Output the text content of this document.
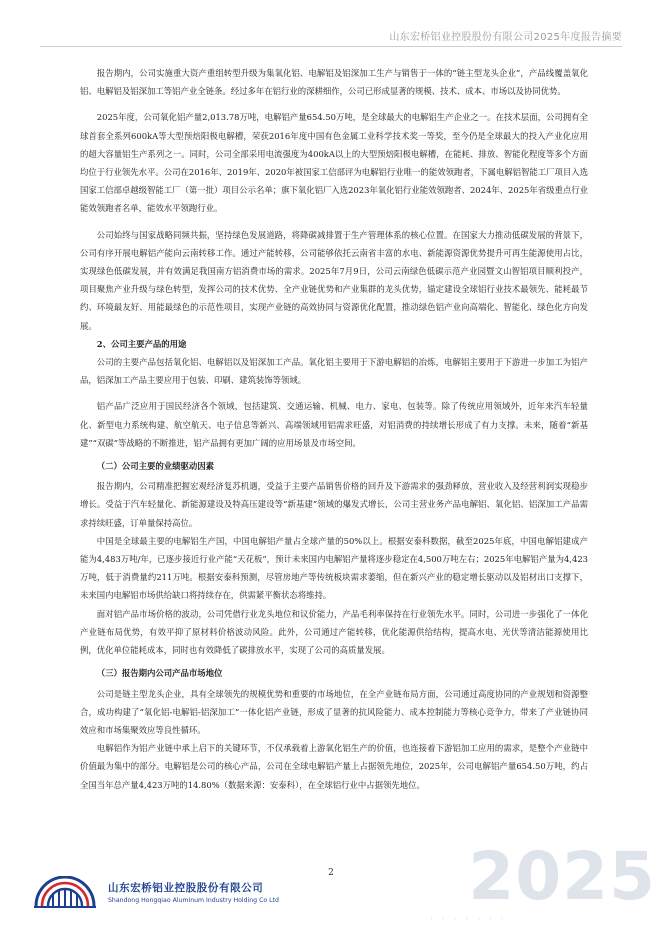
山东宏桥铝业控股股份有限公司2025年度报告摘要

报告期内，公司实施重大资产重组转型升级为集氧化铝、电解铝及铝深加工生产与销售于一体的“链主型龙头企业”，产品线覆盖氧化铝、电解铝及铝深加工等铝产业全链条。经过多年在铝行业的深耕细作，公司已形成显著的规模、技术、成本、市场以及协同优势。

2025年度，公司氧化铝产量2,013.78万吨，电解铝产量654.50万吨，是全球最大的电解铝生产企业之一。在技术层面，公司拥有全球首套全系列600kA等大型预焙阳极电解槽，荣获2016年度中国有色金属工业科学技术奖一等奖，至今仍是全球最大的投入产业化应用的超大容量铝生产系列之一。同时，公司全部采用电流强度为400kA以上的大型预焙阳极电解槽，在能耗、排放、智能化程度等多个方面均位于行业领先水平。公司在2016年、2019年、2020年被国家工信部评为电解铝行业唯一的能效领跑者，下属电解铝智能工厂项目入选国家工信部卓越级智能工厂（第一批）项目公示名单；旗下氧化铝厂入选2023年氧化铝行业能效领跑者、2024年、2025年省级重点行业能效领跑者名单，能效水平领跑行业。

公司始终与国家战略同频共振，坚持绿色发展道路，将降碳减排置于生产管理体系的核心位置。在国家大力推动低碳发展的背景下，公司有序开展电解铝产能向云南转移工作。通过产能转移，公司能够依托云南省丰富的水电、新能源资源优势提升可再生能源使用占比，实现绿色低碳发展，并有效满足我国南方铝消费市场的需求。2025年7月9日，公司云南绿色低碳示范产业园暨文山智铝项目顺利投产，项目聚焦产业升级与绿色转型，发挥公司的技术优势、全产业链优势和产业集群的龙头优势，锚定建设全球铝行业技术最领先、能耗最节约、环境最友好、用能最绿色的示范性项目，实现产业链的高效协同与资源优化配置，推动绿色铝产业向高端化、智能化、绿色化方向发展。

2、公司主要产品的用途

公司的主要产品包括氧化铝、电解铝以及铝深加工产品。氧化铝主要用于下游电解铝的冶炼，电解铝主要用于下游进一步加工为铝产品，铝深加工产品主要应用于包装、印刷、建筑装饰等领域。

铝产品广泛应用于国民经济各个领域，包括建筑、交通运输、机械、电力、家电、包装等。除了传统应用领域外，近年来汽车轻量化、新型电力系统构建、航空航天、电子信息等新兴、高端领域用铝需求旺盛，对铝消费的持续增长形成了有力支撑。未来，随着“新基建”“双碳”等战略的不断推进，铝产品拥有更加广阔的应用场景及市场空间。

（二）公司主要的业绩驱动因素

报告期内，公司精准把握宏观经济复苏机遇，受益于主要产品销售价格的回升及下游需求的强劲释放，营业收入及经营利润实现稳步增长。受益于汽车轻量化、新能源建设及特高压建设等“新基建”领域的爆发式增长，公司主营业务产品电解铝、氧化铝、铝深加工产品需求持续旺盛，订单量保持高位。

中国是全球最主要的电解铝生产国，中国电解铝产量占全球产量的50%以上。根据安泰科数据，截至2025年底，中国电解铝建成产能为4,483万吨/年，已逐步接近行业产能“天花板”，预计未来国内电解铝产量将逐步稳定在4,500万吨左右；2025年电解铝产量为4,423万吨，低于消费量约211万吨。根据安泰科预测，尽管房地产等传统板块需求萎缩，但在新兴产业的稳定增长驱动以及铝材出口支撑下，未来国内电解铝市场供给缺口将持续存在，供需紧平衡状态将维持。

面对铝产品市场价格的波动，公司凭借行业龙头地位和议价能力，产品毛利率保持在行业领先水平。同时，公司进一步强化了一体化产业链布局优势，有效平抑了原材料价格波动风险。此外，公司通过产能转移，优化能源供给结构，提高水电、光伏等清洁能源使用比例，优化单位能耗成本，同时也有效降低了碳排放水平，实现了公司的高质量发展。

（三）报告期内公司产品市场地位

公司是链主型龙头企业，具有全球领先的规模优势和重要的市场地位，在全产业链布局方面，公司通过高度协同的产业规划和资源整合，成功构建了“氧化铝-电解铝-铝深加工”一体化铝产业链，形成了显著的抗风险能力、成本控制能力等核心竞争力，带来了产业链协同效应和市场集聚效应等良性循环。

电解铝作为铝产业链中承上启下的关键环节，不仅承载着上游氧化铝生产的价值，也连接着下游铝加工应用的需求，是整个产业链中价值最为集中的部分。电解铝是公司的核心产品，公司在全球电解铝产量上占据领先地位，2025年，公司电解铝产量654.50万吨，约占全国当年总产量4,423万吨的14.80%（数据来源：安泰科），在全球铝行业中占据领先地位。

2	2025
› › › › › › ›
山东宏桥铝业控股股份有限公司
Shandong Hongqiao Aluminum Industry Holding Co Ltd
